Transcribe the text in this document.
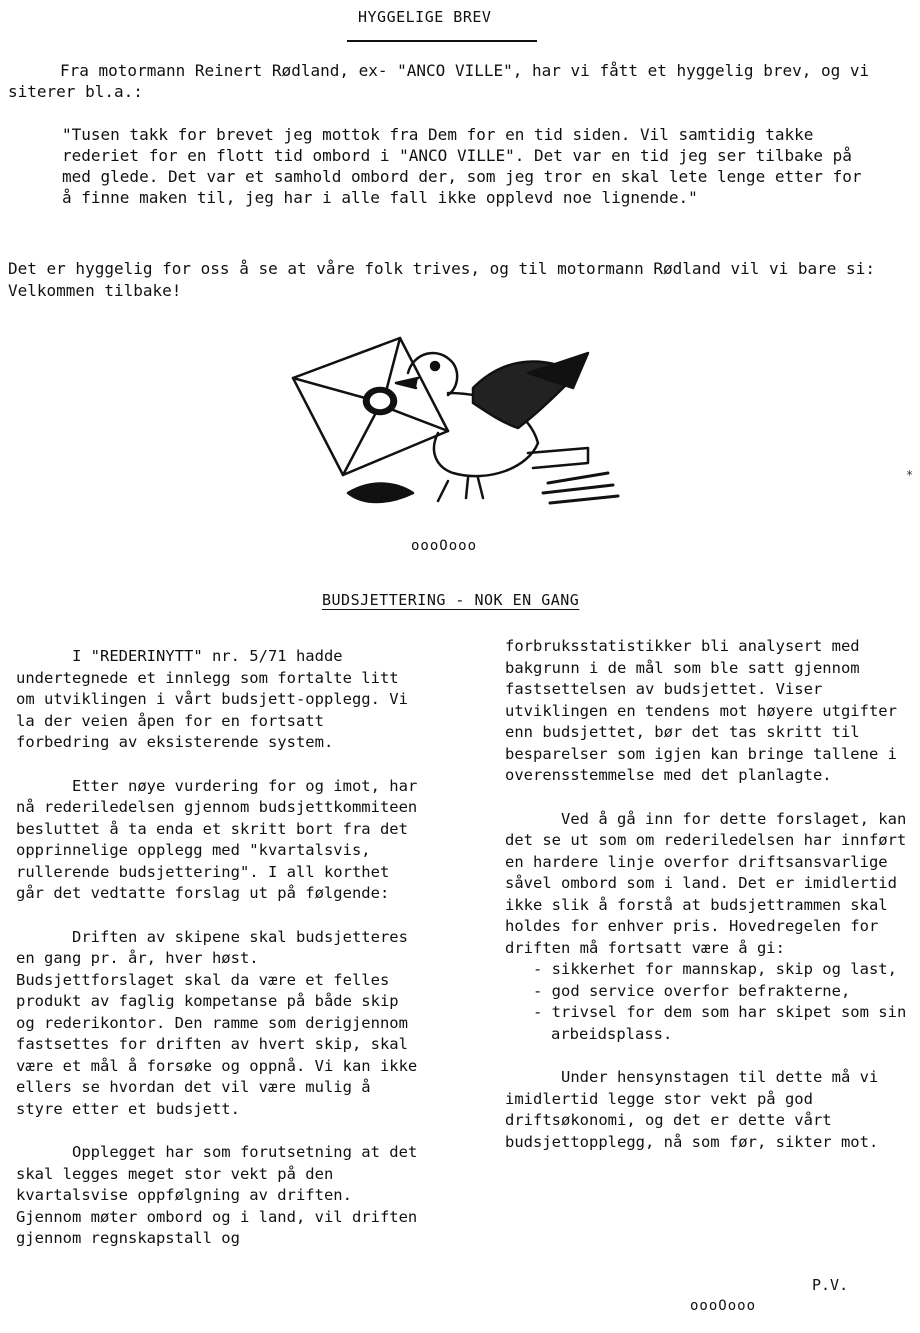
HYGGELIGE BREV

Fra motormann Reinert Rødland, ex- "ANCO VILLE", har vi fått et hyggelig brev, og vi siterer bl.a.:

"Tusen takk for brevet jeg mottok fra Dem for en tid siden. Vil samtidig takke rederiet for en flott tid ombord i "ANCO VILLE". Det var en tid jeg ser tilbake på med glede. Det var et samhold ombord der, som jeg tror en skal lete lenge etter for å finne maken til, jeg har i alle fall ikke opplevd noe lignende."

Det er hyggelig for oss å se at våre folk trives, og til motormann Rødland vil vi bare si: Velkommen tilbake!

*
oooOooo
BUDSJETTERING - NOK EN GANG

I "REDERINYTT" nr. 5/71 hadde undertegnede et innlegg som fortalte litt om utviklingen i vårt budsjett-opplegg. Vi la der veien åpen for en fortsatt forbedring av eksisterende system.

Etter nøye vurdering for og imot, har nå rederiledelsen gjennom budsjettkommiteen besluttet å ta enda et skritt bort fra det opprinnelige opplegg med "kvartalsvis, rullerende budsjettering". I all korthet går det vedtatte forslag ut på følgende:

Driften av skipene skal budsjetteres en gang pr. år, hver høst. Budsjettforslaget skal da være et felles produkt av faglig kompetanse på både skip og rederikontor. Den ramme som derigjennom fastsettes for driften av hvert skip, skal være et mål å forsøke og oppnå. Vi kan ikke ellers se hvordan det vil være mulig å styre etter et budsjett.

Opplegget har som forutsetning at det skal legges meget stor vekt på den kvartalsvise oppfølgning av driften. Gjennom møter ombord og i land, vil driften gjennom regnskapstall og

forbruksstatistikker bli analysert med bakgrunn i de mål som ble satt gjennom fastsettelsen av budsjettet. Viser utviklingen en tendens mot høyere utgifter enn budsjettet, bør det tas skritt til besparelser som igjen kan bringe tallene i overensstemmelse med det planlagte.

Ved å gå inn for dette forslaget, kan det se ut som om rederiledelsen har innført en hardere linje overfor driftsansvarlige såvel ombord som i land. Det er imidlertid ikke slik å forstå at budsjettrammen skal holdes for enhver pris. Hovedregelen for driften må fortsatt være å gi:

- sikkerhet for mannskap, skip og last,
- god service overfor befrakterne,
- trivsel for dem som har skipet som sin arbeidsplass.

Under hensynstagen til dette må vi imidlertid legge stor vekt på god driftsøkonomi, og det er dette vårt budsjettopplegg, nå som før, sikter mot.

P.V.
oooOooo
